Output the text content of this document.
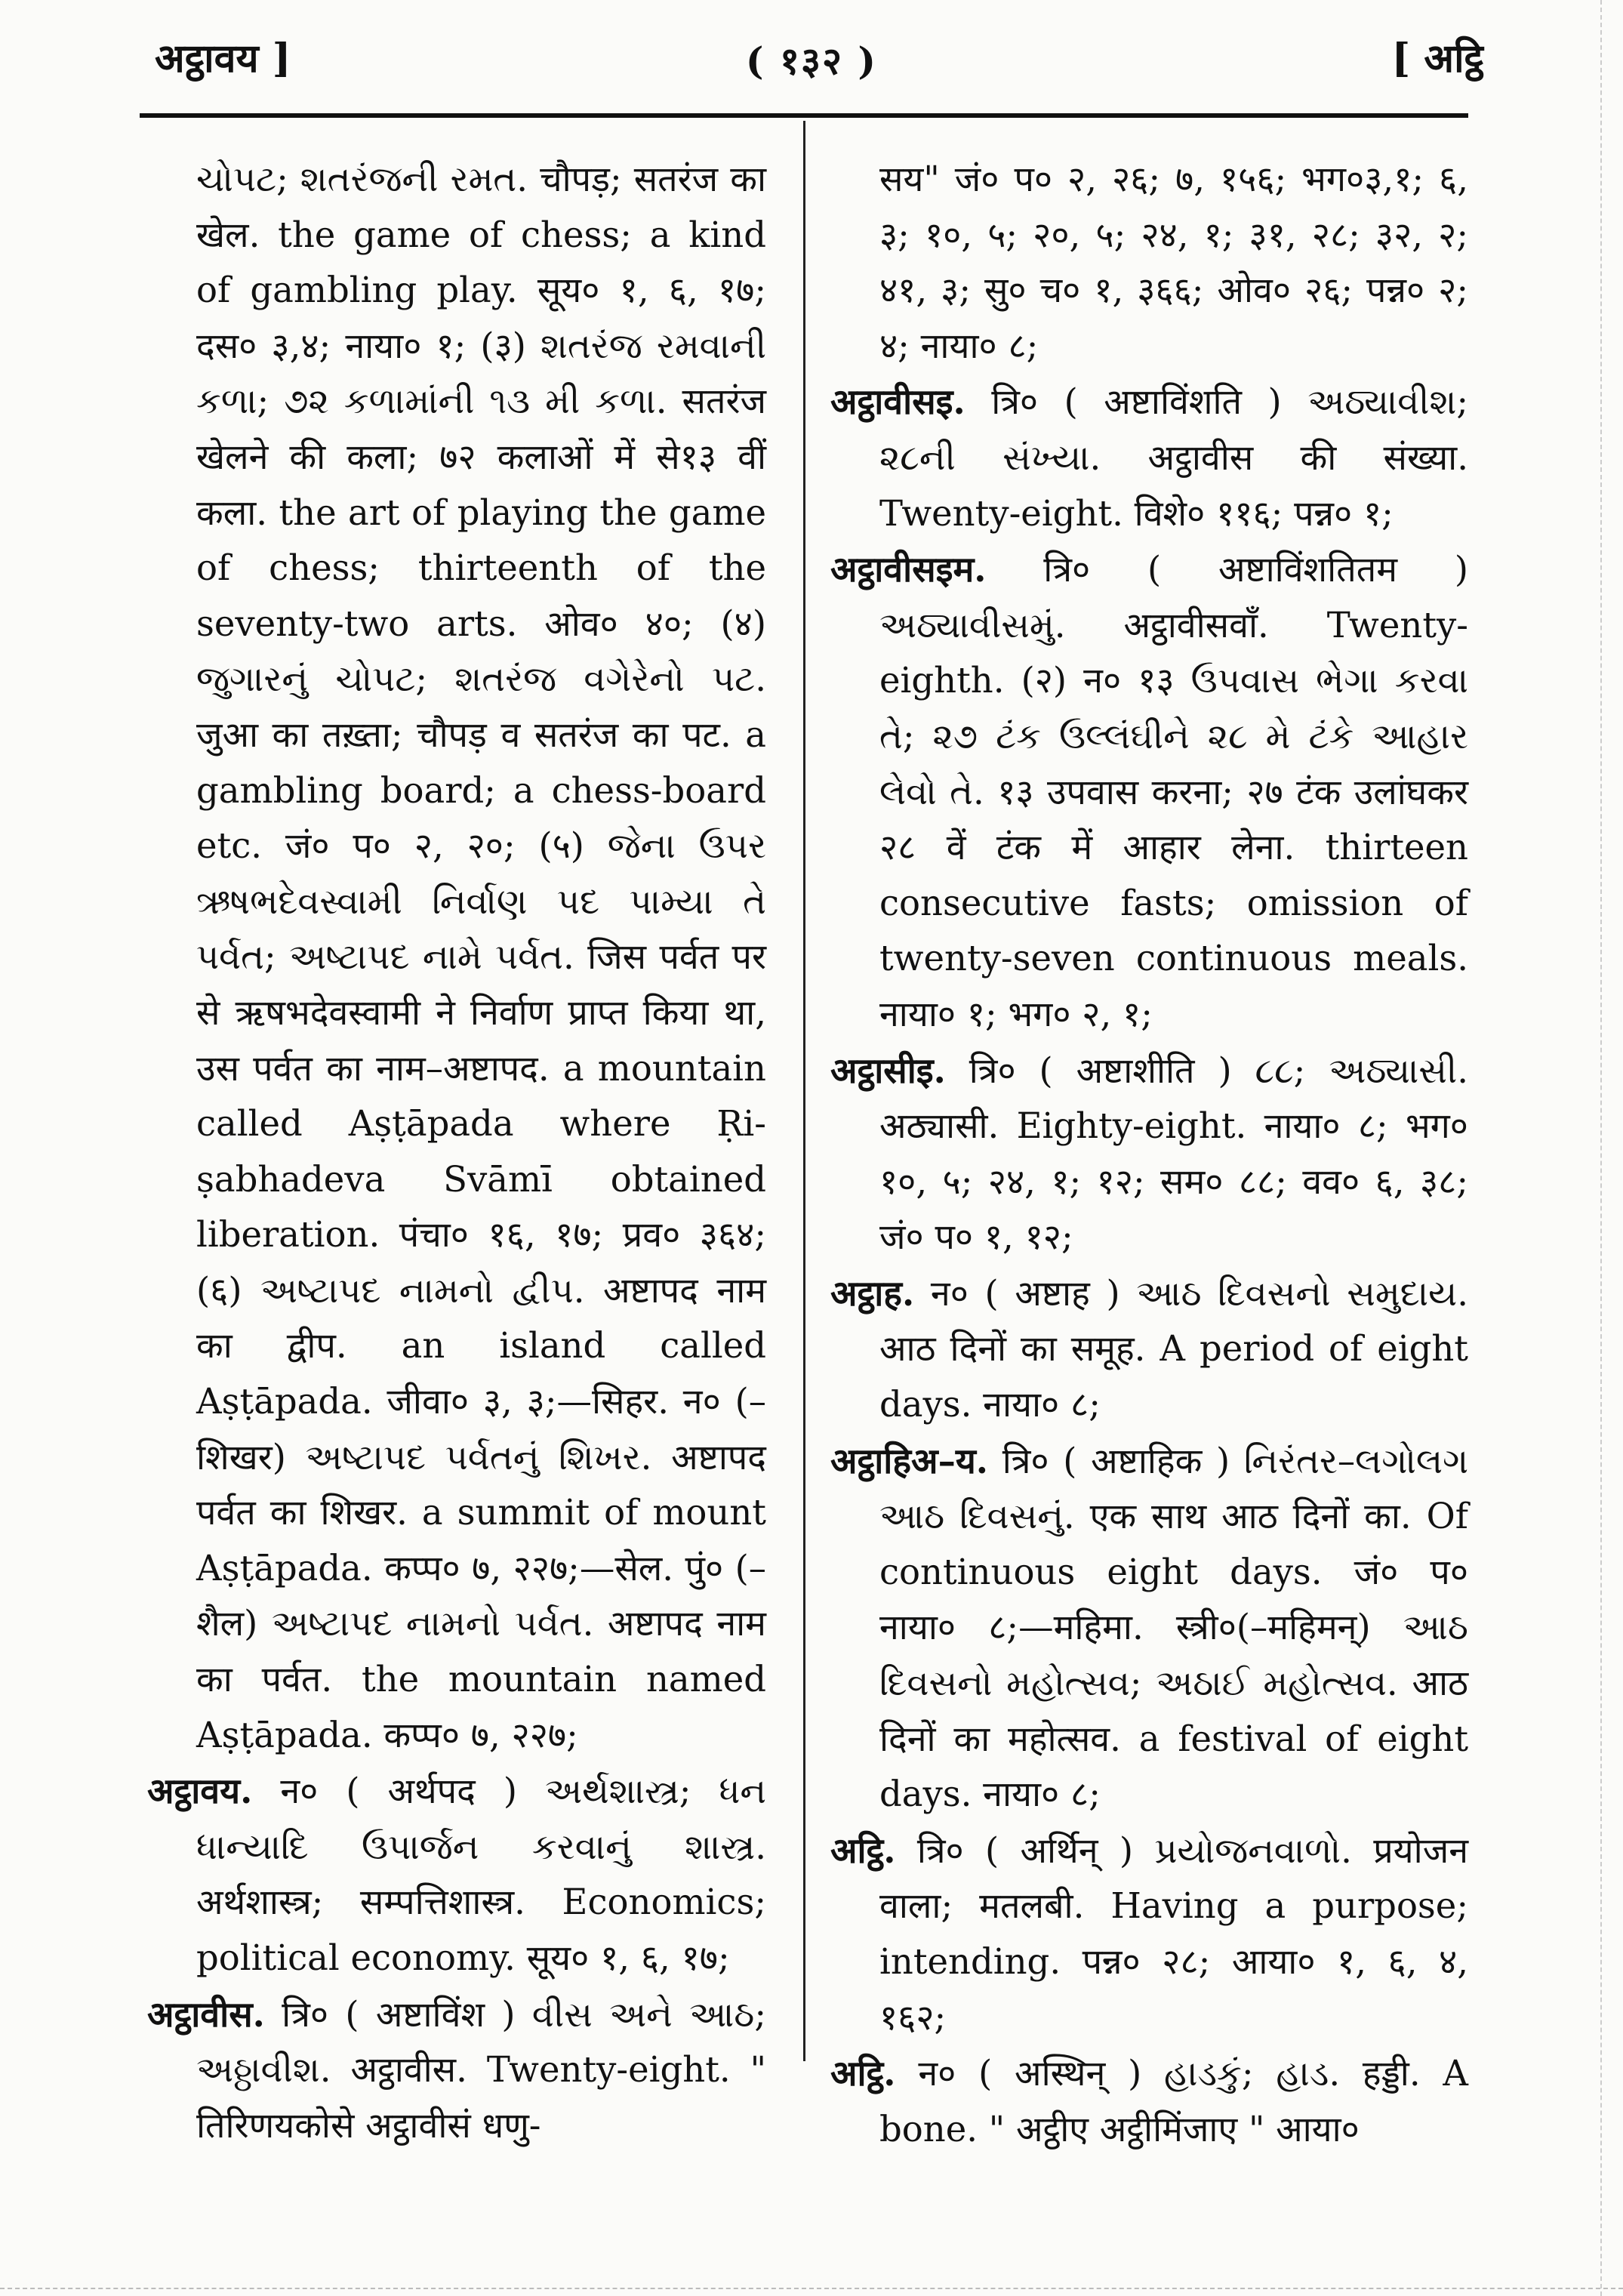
अट्ठावय ]	( १३२ )	[ अट्ठि

ચોપટ; શતરંજની રમત. चौपड़; सतरंज का खेल. the game of chess; a kind of gambling play. सूय० १, ६, १७; दस० ३,४; नाया० १; (३) શતરંજ રમવાની કળા; ૭૨ કળામાંની ૧૩ મી કળા. सतरंज खेलने की कला; ७२ कलाओं में से१३ वीं कला. the art of playing the game of chess; thirteenth of the seventy-two arts. ओव० ४०; (४) જુગારનું ચોપટ; શતરંજ વગેરેનો પટ. जुआ का तख़्ता; चौपड़ व सतरंज का पट. a gambling board; a chess-board etc. जं० प० २, २०; (५) જેના ઉપર ઋષભદેવસ્વામી નિર્વાણ પદ પામ્યા તે પર્વત; અષ્ટાપદ નામે પર્વત. जिस पर्वत पर से ऋषभदेवस्वामी ने निर्वाण प्राप्त किया था, उस पर्वत का नाम–अष्टापद. a mountain called Aṣṭāpada where Ṛi-ṣabhadeva Svāmī obtained liberation. पंचा० १६, १७; प्रव० ३६४; (६) અષ્ટાપદ નામનો દ્વીપ. अष्टापद नाम का द्वीप. an island called Aṣṭāpada. जीवा० ३, ३;—सिहर. न० (–शिखर) અષ્ટાપદ પર્વતનું શિખર. अष्टापद पर्वत का शिखर. a summit of mount Aṣṭāpada. कप्प० ७, २२७;—सेल. पुं० (–शैल) અષ્ટાપદ નામનો પર્વત. अष्टापद नाम का पर्वत. the mountain named Aṣṭāpada. कप्प० ७, २२७;

अट्ठावय. न० ( अर्थपद ) અર્થશાસ્ત્ર; ધન ધાન્યાદિ ઉપાર્જન કરવાનું શાસ્ત્ર. अर्थशास्त्र; सम्पत्तिशास्त्र. Economics; political economy. सूय० १, ६, १७;

अट्ठावीस. त्रि० ( अष्टाविंश ) વીસ અને આઠ; અઠ્ઠાવીશ. अट्ठावीस. Twenty-eight. " तिरिणयकोसे अट्ठावीसं धणु-

सय" जं० प० २, २६; ७, १५६; भग०३,१; ६, ३; १०, ५; २०, ५; २४, १; ३१, २८; ३२, २; ४१, ३; सु० च० १, ३६६; ओव० २६; पन्न० २; ४; नाया० ८;

अट्ठावीसइ. त्रि० ( अष्टाविंशति ) અઠ્યાવીશ; ૨૮ની સંખ્યા. अट्ठावीस की संख्या. Twenty-eight. विशे० ११६; पन्न० १;

अट्ठावीसइम. त्रि० ( अष्टाविंशतितम ) અઠ્યાવીસમું. अट्ठावीसवाँ. Twenty-eighth. (२) न० १३ ઉપવાસ ભેગા કરવા તે; ૨૭ ટંક ઉલ્લંઘીને ૨૮ મે ટંકે આહાર લેવો તે. १३ उपवास करना; २७ टंक उलांघकर २८ वें टंक में आहार लेना. thirteen consecutive fasts; omission of twenty-seven continuous meals. नाया० १; भग० २, १;

अट्ठासीइ. त्रि० ( अष्टाशीति ) ૮૮; અઠ્યાસી. अठ्यासी. Eighty-eight. नाया० ८; भग० १०, ५; २४, १; १२; सम० ८८; वव० ६, ३८; जं० प० १, १२;

अट्ठाह. न० ( अष्टाह ) આઠ દિવસનો સમુદાય. आठ दिनों का समूह. A period of eight days. नाया० ८;

अट्ठाहिअ–य. त्रि० ( अष्टाहिक ) નિરંતર–લગોલગ આઠ દિવસનું. एक साथ आठ दिनों का. Of continuous eight days. जं० प० नाया० ८;—महिमा. स्त्री०(–महिमन्) આઠ દિવસનો મહોત્સવ; અઠાઈ મહોત્સવ. आठ दिनों का महोत्सव. a festival of eight days. नाया० ८;

अट्ठि. त्रि० ( अर्थिन् ) પ્રયોજનવાળો. प्रयोजन वाला; मतलबी. Having a purpose; intending. पन्न० २८; आया० १, ६, ४, १६२;

अट्ठि. न० ( अस्थिन् ) હાડકું; હાડ. हड्डी. A bone. " अट्ठीए अट्ठीमिंजाए " आया०
